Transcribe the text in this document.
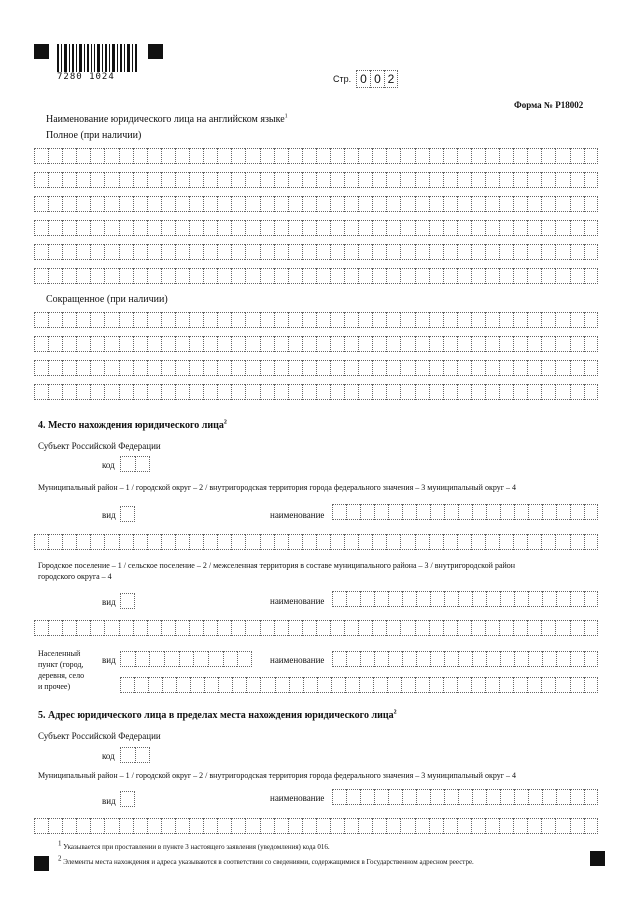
7280 1024	Стр. 0 0 2
Форма № Р18002
Наименование юридического лица на английском языке$^1$
Полное (при наличии)
Сокращенное (при наличии)
4. Место нахождения юридического лица$^2$
Субъект Российской Федерации
код
Муниципальный район – 1 / городской округ – 2 / внутригородская территория города федерального значения – 3 муниципальный округ – 4
вид	наименование
Городское поселение – 1 / сельское поселение – 2 / межселенная территория в составе муниципального района – 3 / внутригородской район
городского округа – 4
вид	наименование
Населенный
пункт (город,
деревня, село
и прочее)
вид	наименование
5. Адрес юридического лица в пределах места нахождения юридического лица$^2$
Субъект Российской Федерации
код
Муниципальный район – 1 / городской округ – 2 / внутригородская территория города федерального значения – 3 муниципальный округ – 4
вид	наименование
1 Указывается при проставлении в пункте 3 настоящего заявления (уведомления) кода 016.
2 Элементы места нахождения и адреса указываются в соответствии со сведениями, содержащимися в Государственном адресном реестре.
